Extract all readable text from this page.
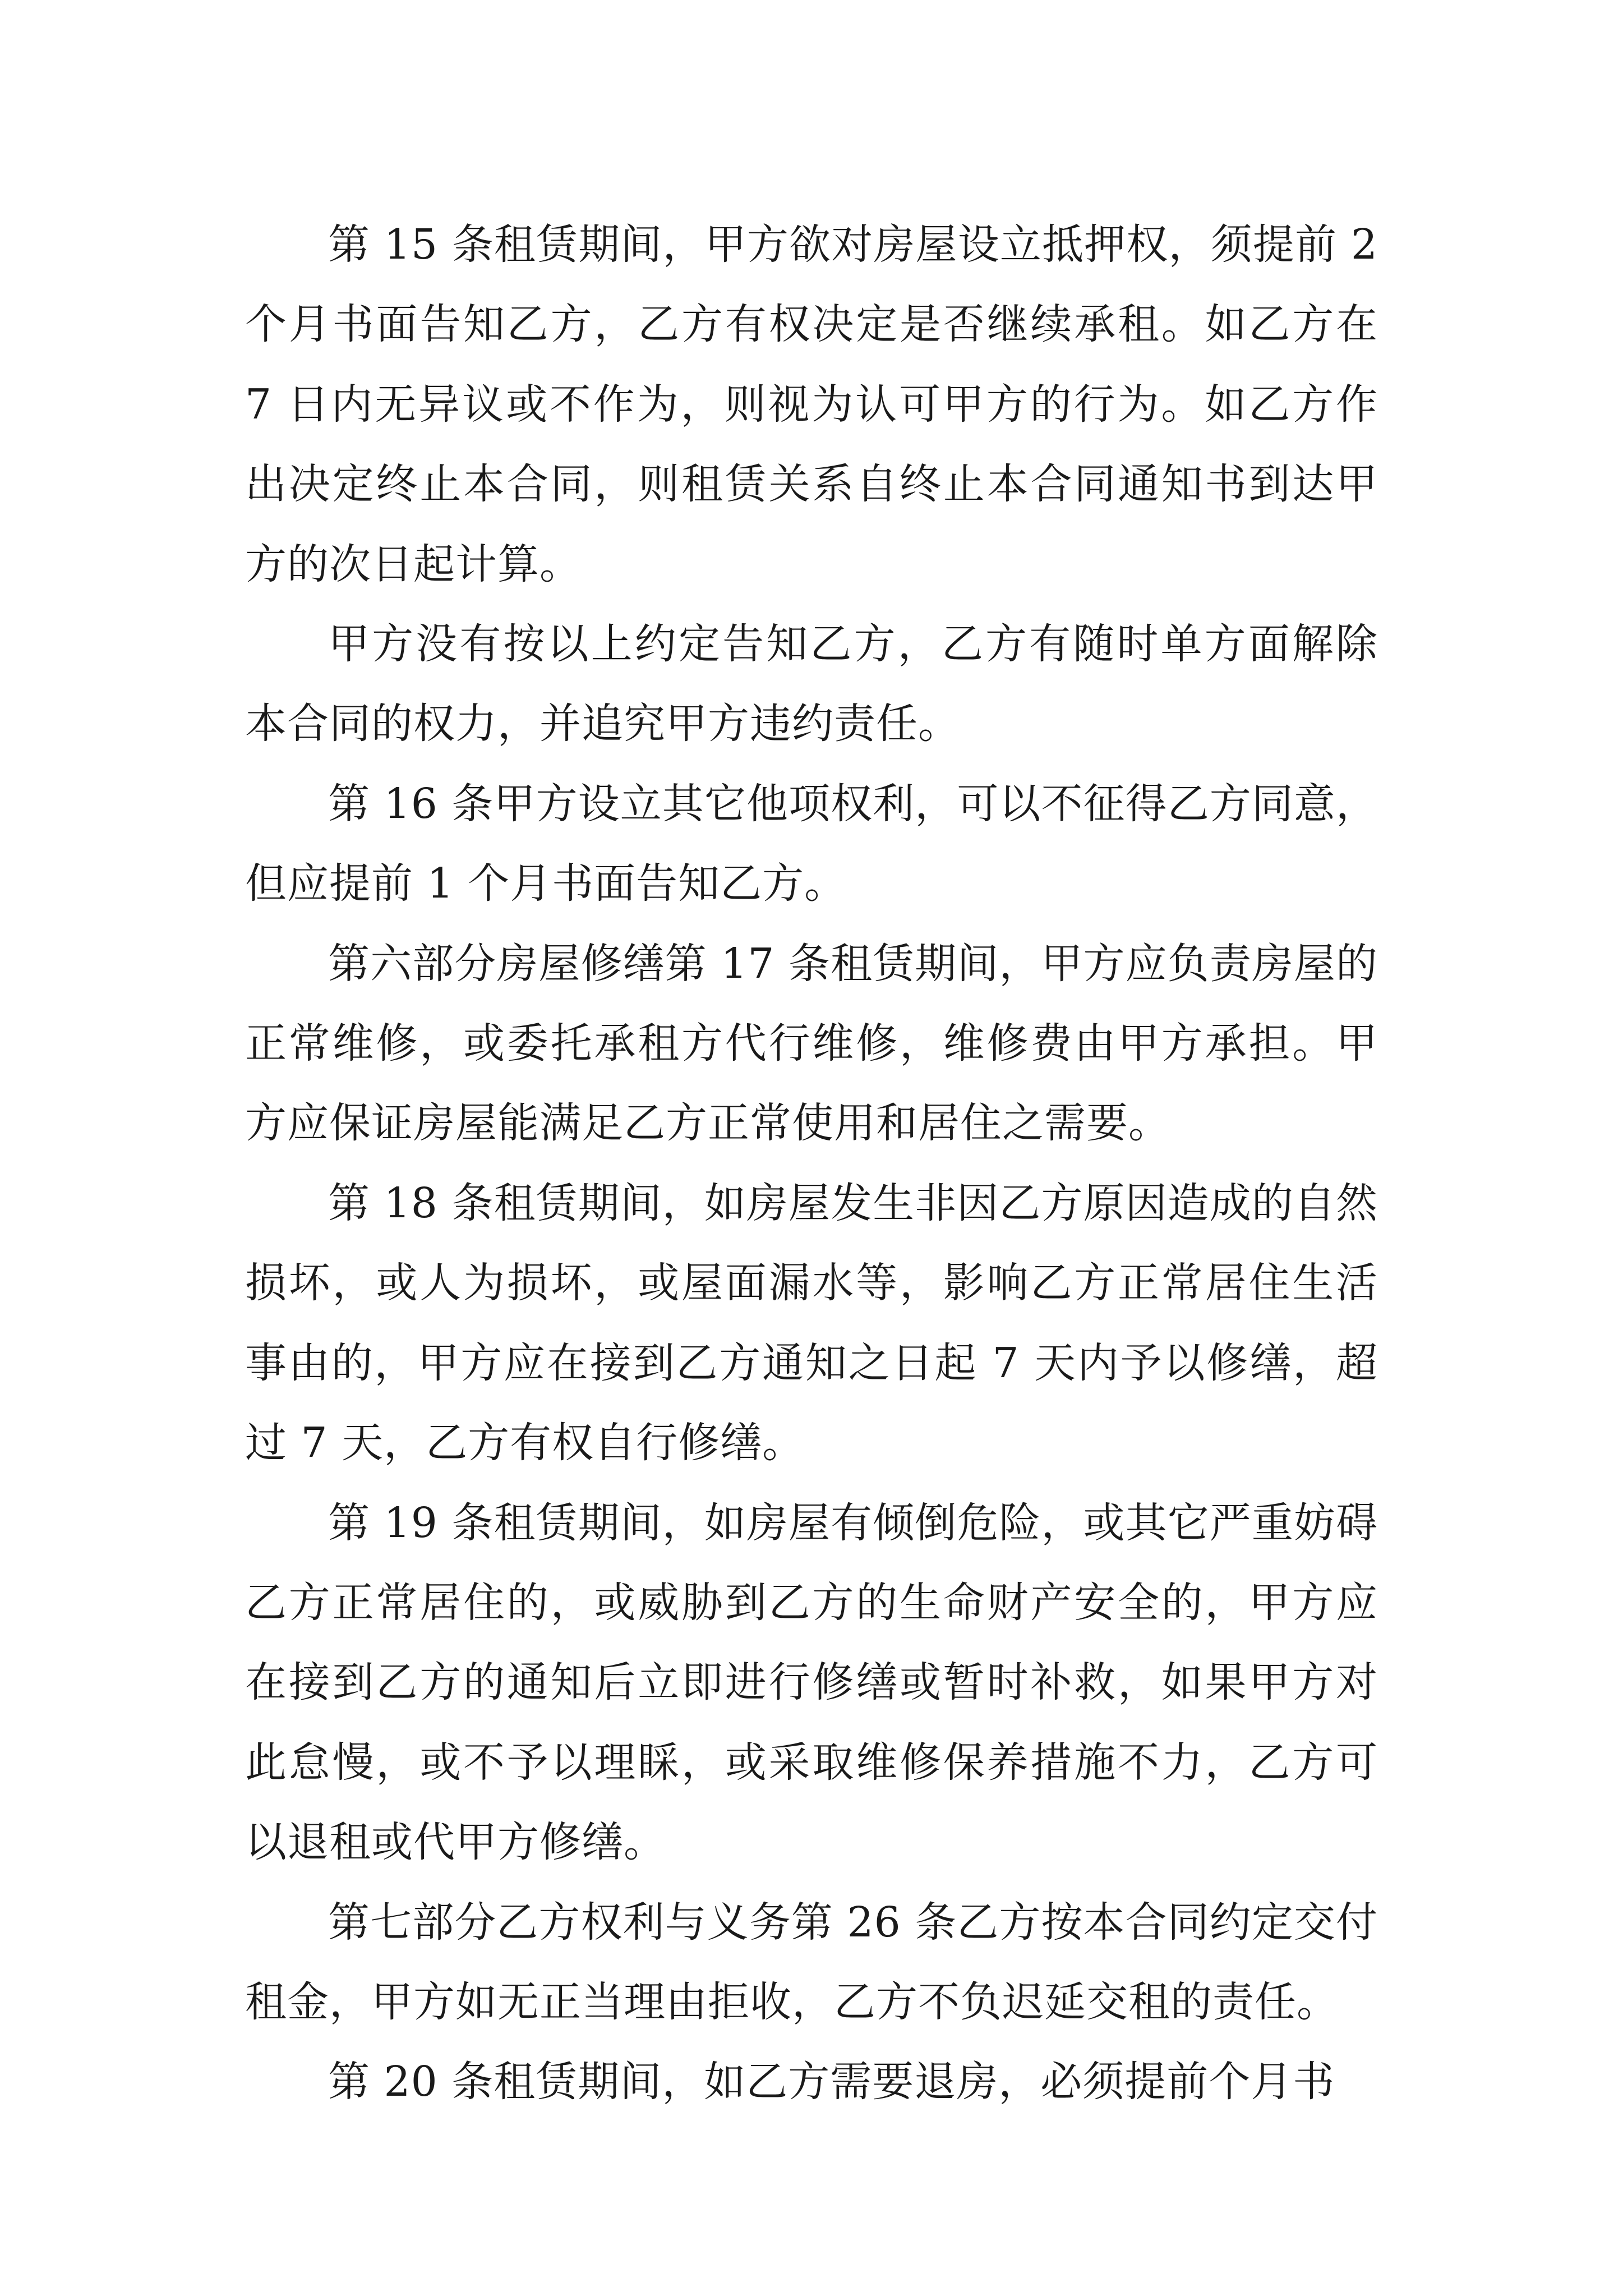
第 15 条租赁期间，甲方欲对房屋设立抵押权，须提前 2 个月书面告知乙方，乙方有权决定是否继续承租。如乙方在 7 日内无异议或不作为，则视为认可甲方的行为。如乙方作出决定终止本合同，则租赁关系自终止本合同通知书到达甲方的次日起计算。

甲方没有按以上约定告知乙方，乙方有随时单方面解除本合同的权力，并追究甲方违约责任。

第 16 条甲方设立其它他项权利，可以不征得乙方同意，但应提前 1 个月书面告知乙方。

第六部分房屋修缮第 17 条租赁期间，甲方应负责房屋的正常维修，或委托承租方代行维修，维修费由甲方承担。甲方应保证房屋能满足乙方正常使用和居住之需要。

第 18 条租赁期间，如房屋发生非因乙方原因造成的自然损坏，或人为损坏，或屋面漏水等，影响乙方正常居住生活事由的，甲方应在接到乙方通知之日起 7 天内予以修缮，超过 7 天，乙方有权自行修缮。

第 19 条租赁期间，如房屋有倾倒危险，或其它严重妨碍乙方正常居住的，或威胁到乙方的生命财产安全的，甲方应在接到乙方的通知后立即进行修缮或暂时补救，如果甲方对此怠慢，或不予以理睬，或采取维修保养措施不力，乙方可以退租或代甲方修缮。

第七部分乙方权利与义务第 26 条乙方按本合同约定交付租金，甲方如无正当理由拒收，乙方不负迟延交租的责任。

第 20 条租赁期间，如乙方需要退房，必须提前个月书
